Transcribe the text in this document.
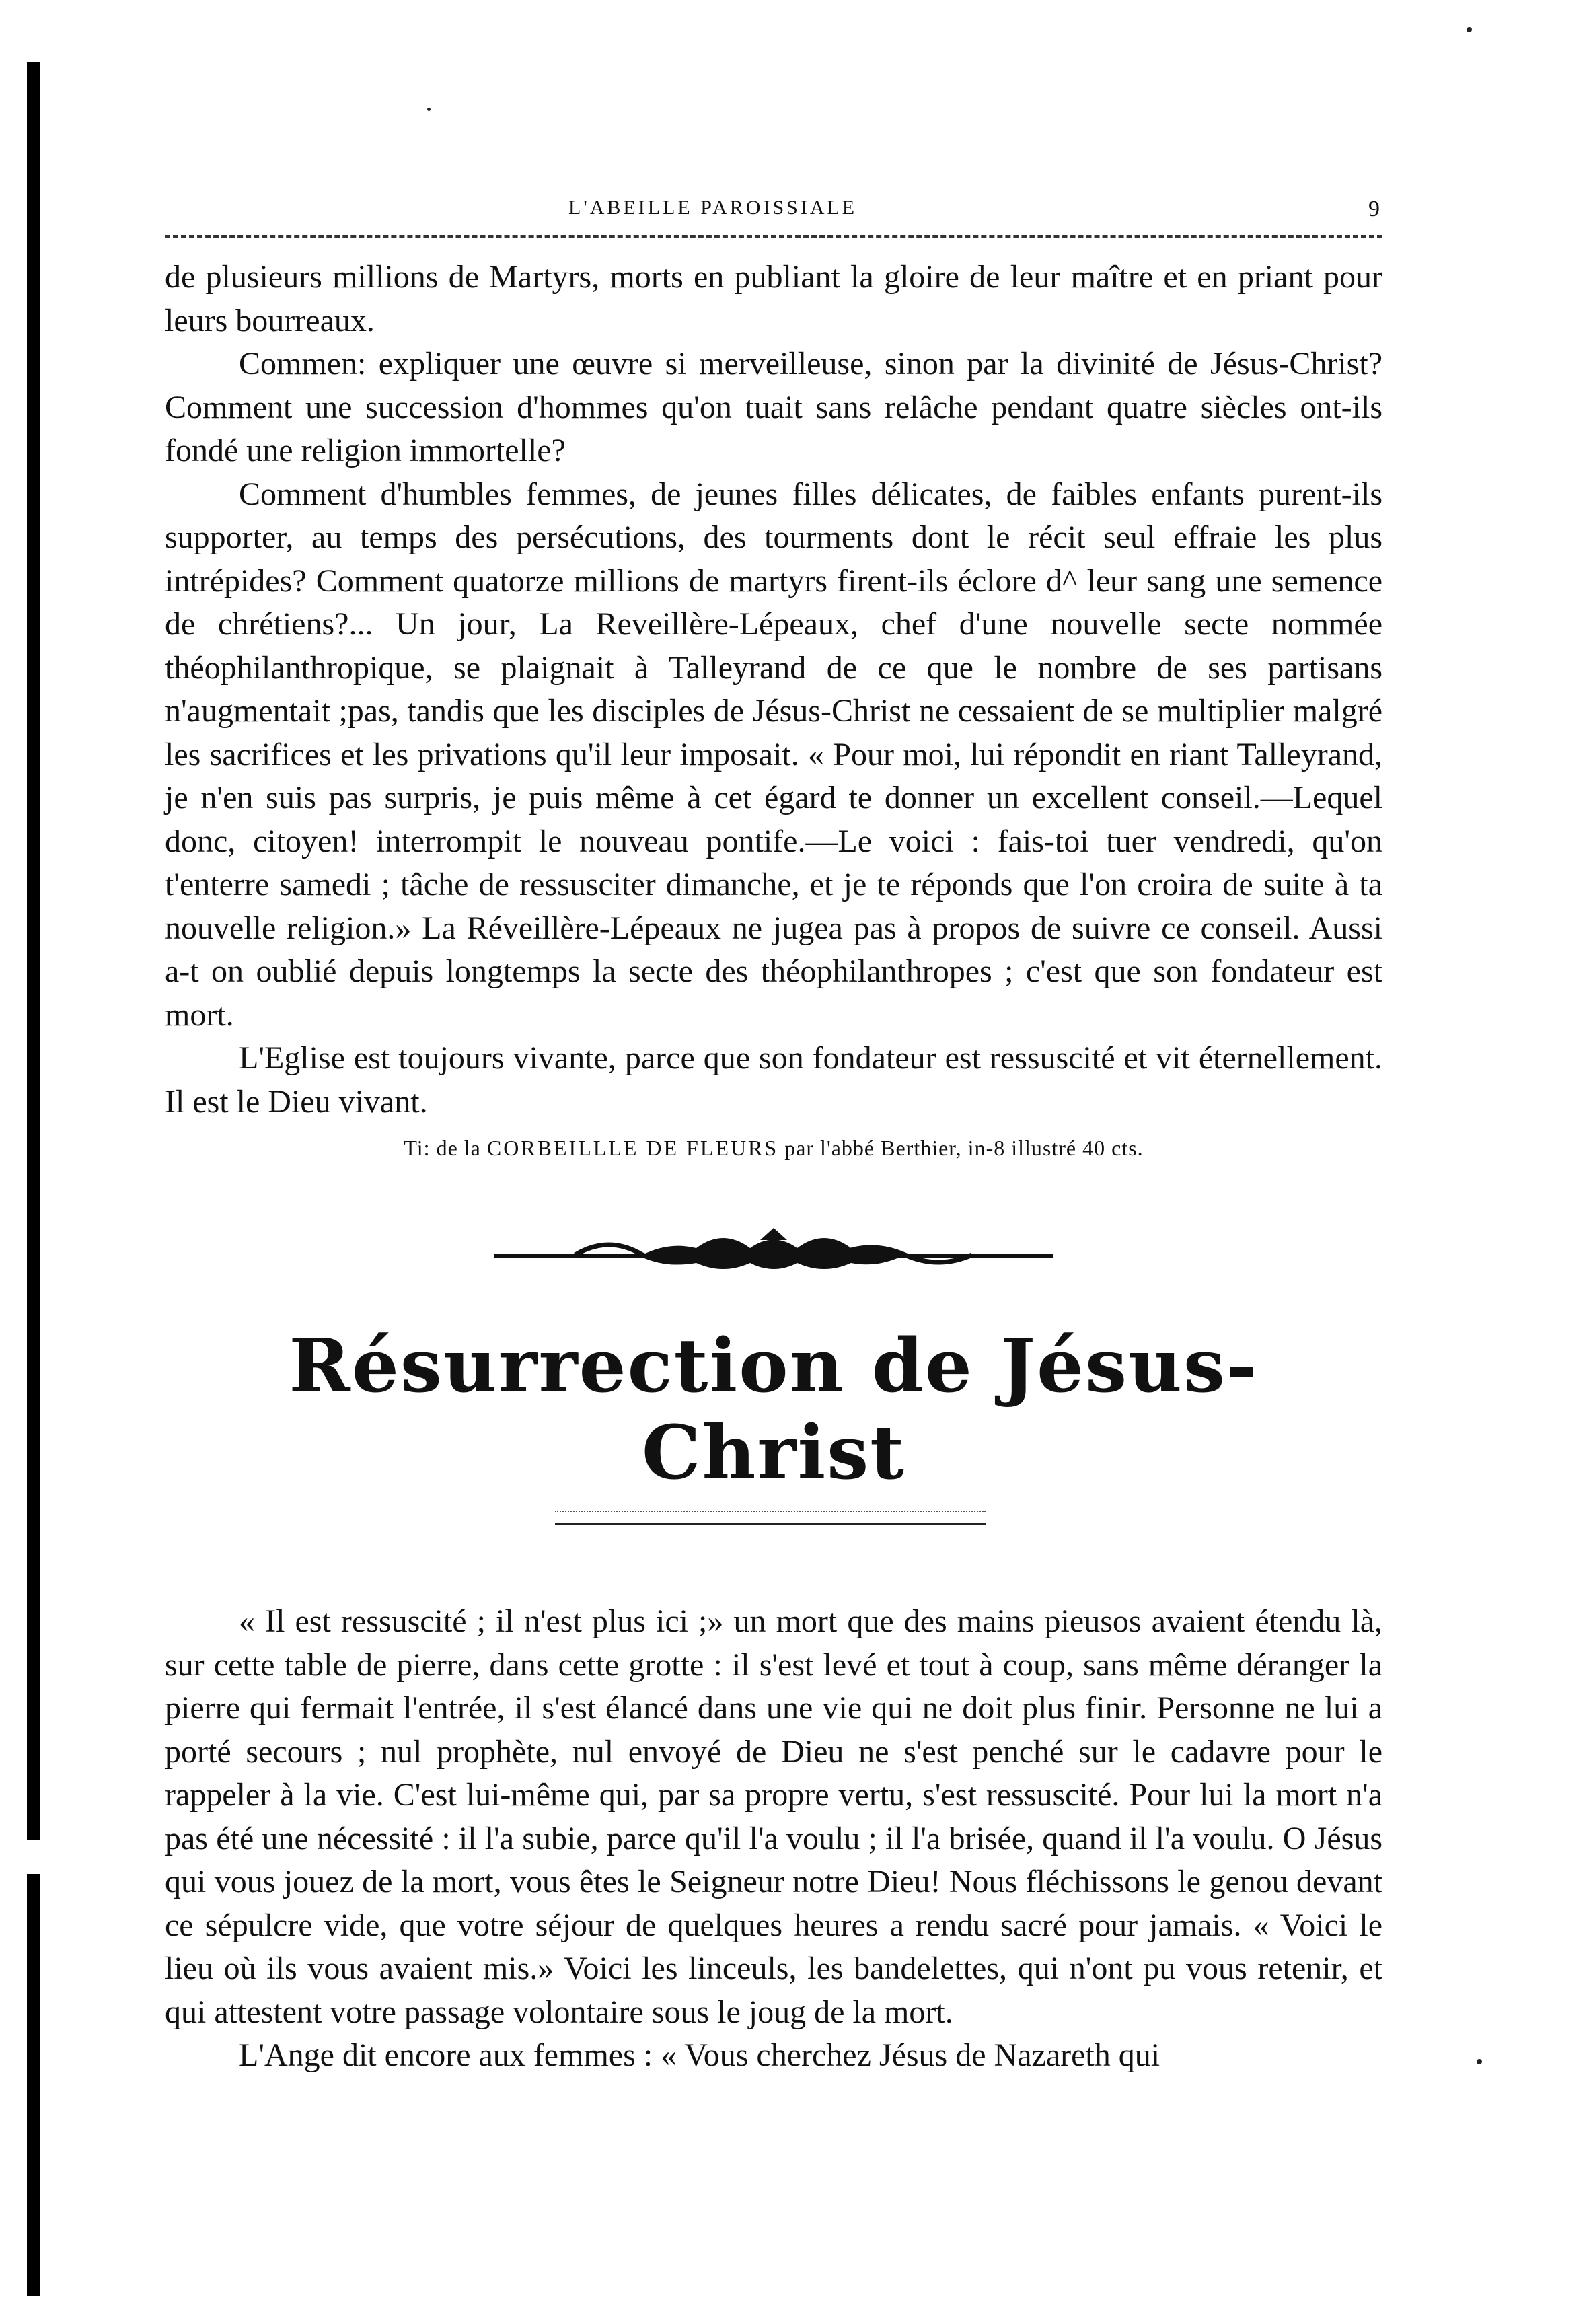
L'ABEILLE PAROISSIALE	9

de plusieurs millions de Martyrs, morts en publiant la gloire de leur maître et en priant pour leurs bourreaux.

Commen: expliquer une œuvre si merveilleuse, sinon par la divinité de Jésus-Christ? Comment une succession d'hommes qu'on tuait sans relâche pendant quatre siècles ont-ils fondé une religion immortelle?

Comment d'humbles femmes, de jeunes filles délicates, de faibles enfants purent-ils supporter, au temps des persécutions, des tourments dont le récit seul effraie les plus intrépides? Comment quatorze millions de martyrs firent-ils éclore d^ leur sang une semence de chrétiens?... Un jour, La Reveillère-Lépeaux, chef d'une nouvelle secte nommée théophilanthropique, se plaignait à Talleyrand de ce que le nombre de ses partisans n'augmentait ;pas, tandis que les disciples de Jésus-Christ ne cessaient de se multiplier malgré les sacrifices et les privations qu'il leur imposait. « Pour moi, lui répondit en riant Talleyrand, je n'en suis pas surpris, je puis même à cet égard te donner un excellent conseil.—Lequel donc, citoyen! interrompit le nouveau pontife.—Le voici : fais-toi tuer vendredi, qu'on t'enterre samedi ; tâche de ressusciter dimanche, et je te réponds que l'on croira de suite à ta nouvelle religion.» La Réveillère-Lépeaux ne jugea pas à propos de suivre ce conseil. Aussi a-t on oublié depuis longtemps la secte des théophilanthropes ; c'est que son fondateur est mort.

L'Eglise est toujours vivante, parce que son fondateur est ressuscité et vit éternellement. Il est le Dieu vivant.

Ti: de la CORBEILLLE DE FLEURS par l'abbé Berthier, in-8 illustré 40 cts.

Résurrection de Jésus-Christ

« Il est ressuscité ; il n'est plus ici ;» un mort que des mains pieusos avaient étendu là, sur cette table de pierre, dans cette grotte : il s'est levé et tout à coup, sans même déranger la pierre qui fermait l'entrée, il s'est élancé dans une vie qui ne doit plus finir. Personne ne lui a porté secours ; nul prophète, nul envoyé de Dieu ne s'est penché sur le cadavre pour le rappeler à la vie. C'est lui-même qui, par sa propre vertu, s'est ressuscité. Pour lui la mort n'a pas été une nécessité : il l'a subie, parce qu'il l'a voulu ; il l'a brisée, quand il l'a voulu. O Jésus qui vous jouez de la mort, vous êtes le Seigneur notre Dieu! Nous fléchissons le genou devant ce sépulcre vide, que votre séjour de quelques heures a rendu sacré pour jamais. « Voici le lieu où ils vous avaient mis.» Voici les linceuls, les bandelettes, qui n'ont pu vous retenir, et qui attestent votre passage volontaire sous le joug de la mort.

L'Ange dit encore aux femmes : « Vous cherchez Jésus de Nazareth qui
